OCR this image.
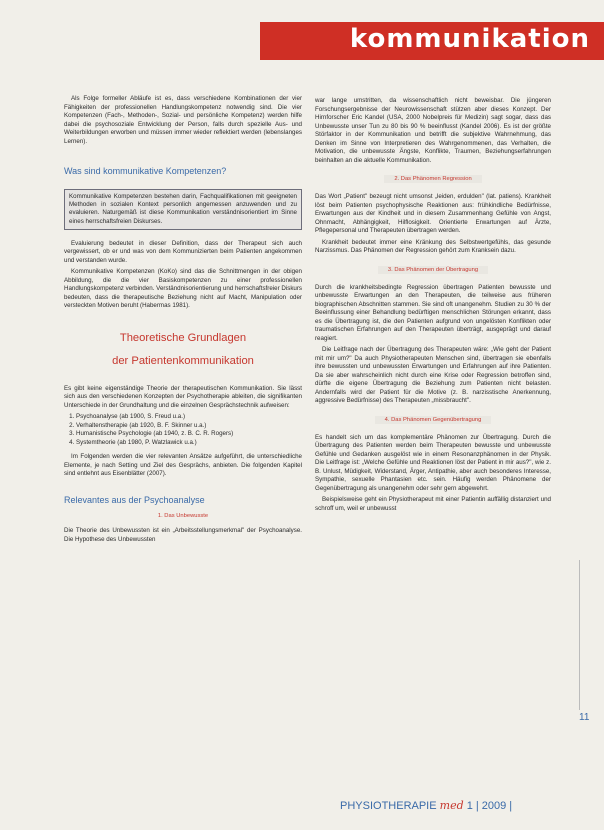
kommunikation

Als Folge formeller Abläufe ist es, dass verschiedene Kombinationen der vier Fähigkeiten der professionellen Handlungskompetenz notwendig sind. Die vier Kompetenzen (Fach-, Methoden-, Sozial- und persönliche Kompetenz) werden hilfe dabei die psychosoziale Entwicklung der Person, falls durch spezielle Aus- und Weiterbildungen erworben und müssen immer wieder reflektiert werden (lebenslanges Lernen).

Was sind kommunikative Kompetenzen?
Kommunikative Kompetenzen bestehen darin, Fachqualifikationen mit geeigneten Methoden in sozialen Kontext personlich angemessen anzuwenden und zu evaluieren. Naturgemäß ist diese Kommunikation verständnisorientiert im Sinne eines herrschaftsfreien Diskurses.

Evaluierung bedeutet in dieser Definition, dass der Therapeut sich auch vergewissert, ob er und was von dem Kommunizierten beim Patienten angekommen und verstanden wurde.

Kommunikative Kompetenzen (KoKo) sind das die Schnittmengen in der obigen Abbildung, die die vier Basiskompetenzen zu einer professionellen Handlungskompetenz verbinden. Verständnisorientierung und herrschaftsfreier Diskurs bedeuten, dass die therapeutische Beziehung nicht auf Macht, Manipulation oder versteckten Motiven beruht (Habermas 1981).

Theoretische Grundlagen
der Patientenkommunikation

Es gibt keine eigenständige Theorie der therapeutischen Kommunikation. Sie lässt sich aus den verschiedenen Konzepten der Psychotherapie ableiten, die signifikanten Unterschiede in der Grundhaltung und die einzelnen Gesprächstechnik aufweisen:

1. Psychoanalyse (ab 1900, S. Freud u.a.)
2. Verhaltenstherapie (ab 1920, B. F. Skinner u.a.)
3. Humanistische Psychologie (ab 1940, z. B. C. R. Rogers)
4. Systemtheorie (ab 1980, P. Watzlawick u.a.)

Im Folgenden werden die vier relevanten Ansätze aufgeführt, die unterschiedliche Elemente, je nach Setting und Ziel des Gesprächs, anbieten. Die folgenden Kapitel sind entlehnt aus Eisenblätter (2007).

Relevantes aus der Psychoanalyse
1. Das Unbewusste

Die Theorie des Unbewussten ist ein „Arbeitsstellungsmerkmal" der Psychoanalyse. Die Hypothese des Unbewussten

war lange umstritten, da wissenschaftlich nicht beweisbar. Die jüngeren Forschungsergebnisse der Neurowissenschaft stützen aber dieses Konzept. Der Hirnforscher Eric Kandel (USA, 2000 Nobelpreis für Medizin) sagt sogar, dass das Unbewusste unser Tun zu 80 bis 90 % beeinflusst (Kandel 2006). Es ist der größte Störfaktor in der Kommunikation und betrifft die subjektive Wahrnehmung, das Denken im Sinne von Interpretieren des Wahrgenommenen, das Verhalten, die Motivation, die unbewusste Ängste, Konflikte, Traumen, Beziehungserfahrungen beinhalten an die aktuelle Kommunikation.

2. Das Phänomen Regression

Das Wort „Patient" bezeugt nicht umsonst „leiden, erdulden" (lat. patiens). Krankheit löst beim Patienten psychophysische Reaktionen aus: frühkindliche Bedürfnisse, Erwartungen aus der Kindheit und in diesem Zusammenhang Gefühle von Angst, Ohnmacht, Abhängigkeit, Hilflosigkeit. Orientierte Erwartungen auf Ärzte, Pflegepersonal und Therapeuten übertragen werden.

Krankheit bedeutet immer eine Kränkung des Selbstwertgefühls, das gesunde Narzissmus. Das Phänomen der Regression gehört zum Kranksein dazu.

3. Das Phänomen der Übertragung

Durch die krankheitsbedingte Regression übertragen Patienten bewusste und unbewusste Erwartungen an den Therapeuten, die teilweise aus früheren biographischen Abschnitten stammen. Sie sind oft unangenehm. Studien zu 30 % der Beeinflussung einer Behandlung bedürftigen menschlichen Störungen erkannt, dass es die Übertragung ist, die den Patienten aufgrund von ungelösten Konflikten oder traumatischen Erfahrungen auf den Therapeuten überträgt, ausgeprägt und darauf reagiert.

Die Leitfrage nach der Übertragung des Therapeuten wäre: „Wie geht der Patient mit mir um?" Da auch Physiotherapeuten Menschen sind, übertragen sie ebenfalls ihre bewussten und unbewussten Erwartungen und Erfahrungen auf ihre Patienten. Da sie aber wahrscheinlich nicht durch eine Krise oder Regression betroffen sind, dürfte die eigene Übertragung die Beziehung zum Patienten nicht belasten. Andernfalls wird der Patient für die Motive (z. B. narzisstische Anerkennung, aggressive Bedürfnisse) des Therapeuten „missbraucht".

4. Das Phänomen Gegenübertragung

Es handelt sich um das komplementäre Phänomen zur Übertragung. Durch die Übertragung des Patienten werden beim Therapeuten bewusste und unbewusste Gefühle und Gedanken ausgelöst wie in einem Resonanzphänomen in der Physik. Die Leitfrage ist: „Welche Gefühle und Reaktionen löst der Patient in mir aus?", wie z. B. Unlust, Müdigkeit, Widerstand, Ärger, Antipathie, aber auch besonderes Interesse, Sympathie, sexuelle Phantasien etc. sein. Häufig werden Phänomene der Gegenübertragung als unangenehm oder sehr gern abgewehrt.

Beispielsweise geht ein Physiotherapeut mit einer Patientin auffällig distanziert und schroff um, weil er unbewusst

11
PHYSIOTHERAPIE med 1 | 2009 |
